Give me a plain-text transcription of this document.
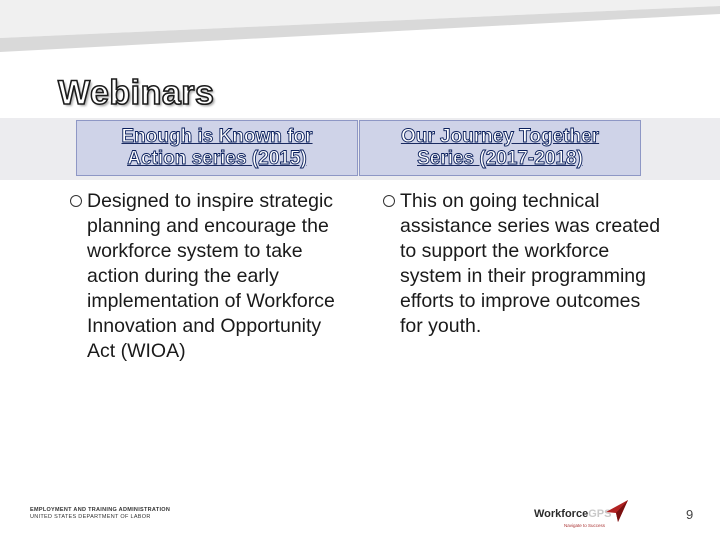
Webinars
Enough is Known for
Action series (2015)
Our Journey Together
Series (2017-2018)
Designed to inspire strategic planning and encourage the workforce system to take action during the early implementation of Workforce Innovation and Opportunity Act (WIOA)
This on going technical assistance series was created to support the workforce system in their programming efforts to improve outcomes for youth.
EMPLOYMENT AND TRAINING ADMINISTRATION
UNITED STATES DEPARTMENT OF LABOR	WorkforceGPS
Navigate to Success
9
